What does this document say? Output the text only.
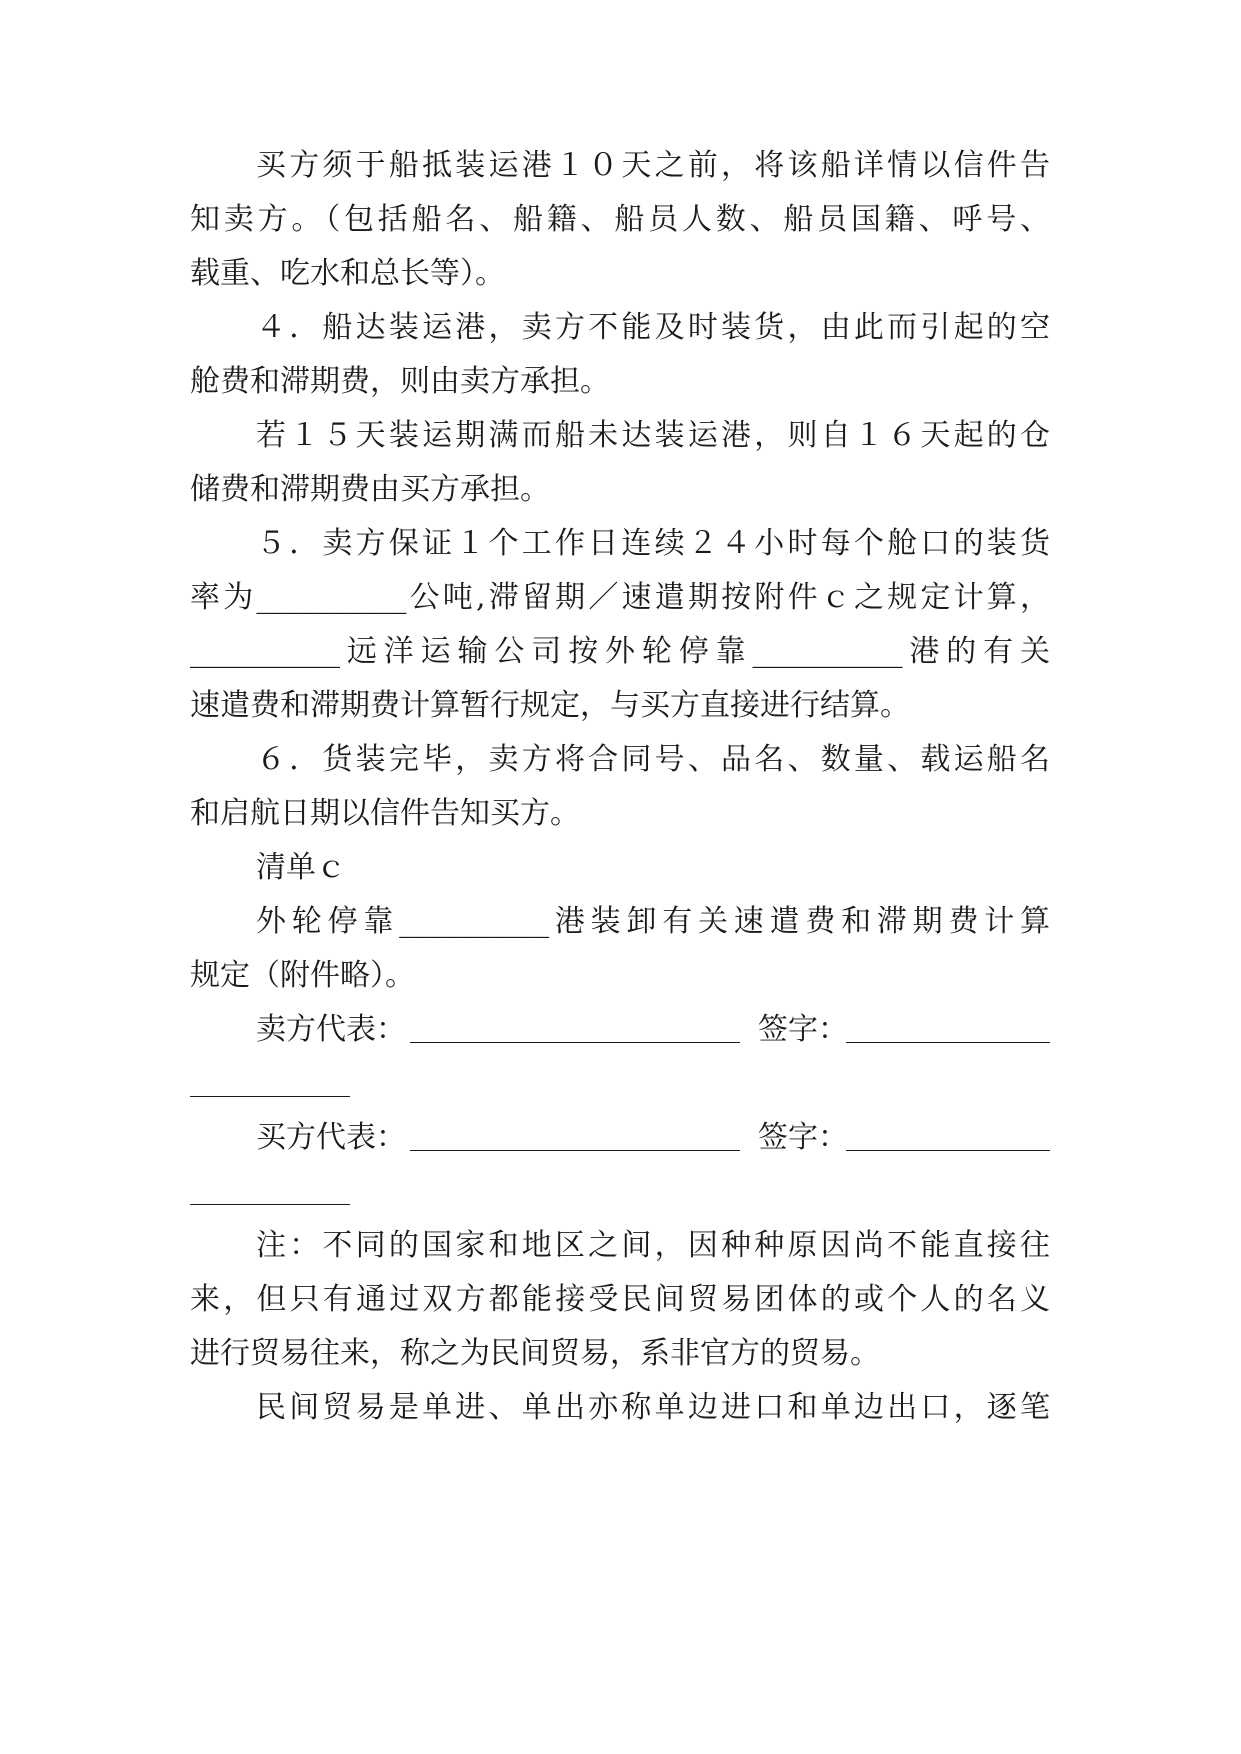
买方须于船抵装运港１０天之前，将该船详情以信件告
知卖方。（包括船名、船籍、船员人数、船员国籍、呼号、
载重、吃水和总长等）。
４．船达装运港，卖方不能及时装货，由此而引起的空
舱费和滞期费，则由卖方承担。
若１５天装运期满而船未达装运港，则自１６天起的仓
储费和滞期费由买方承担。
５．卖方保证１个工作日连续２４小时每个舱口的装货
率为__________公吨,滞留期／速遣期按附件ｃ之规定计算，
__________远洋运输公司按外轮停靠__________港的有关
速遣费和滞期费计算暂行规定，与买方直接进行结算。
６．货装完毕，卖方将合同号、品名、数量、载运船名
和启航日期以信件告知买方。
清单ｃ
外轮停靠__________港装卸有关速遣费和滞期费计算
规定（附件略）。
卖方代表：	签字：
买方代表：	签字：
注：不同的国家和地区之间，因种种原因尚不能直接往
来，但只有通过双方都能接受民间贸易团体的或个人的名义
进行贸易往来，称之为民间贸易，系非官方的贸易。
民间贸易是单进、单出亦称单边进口和单边出口，逐笔
